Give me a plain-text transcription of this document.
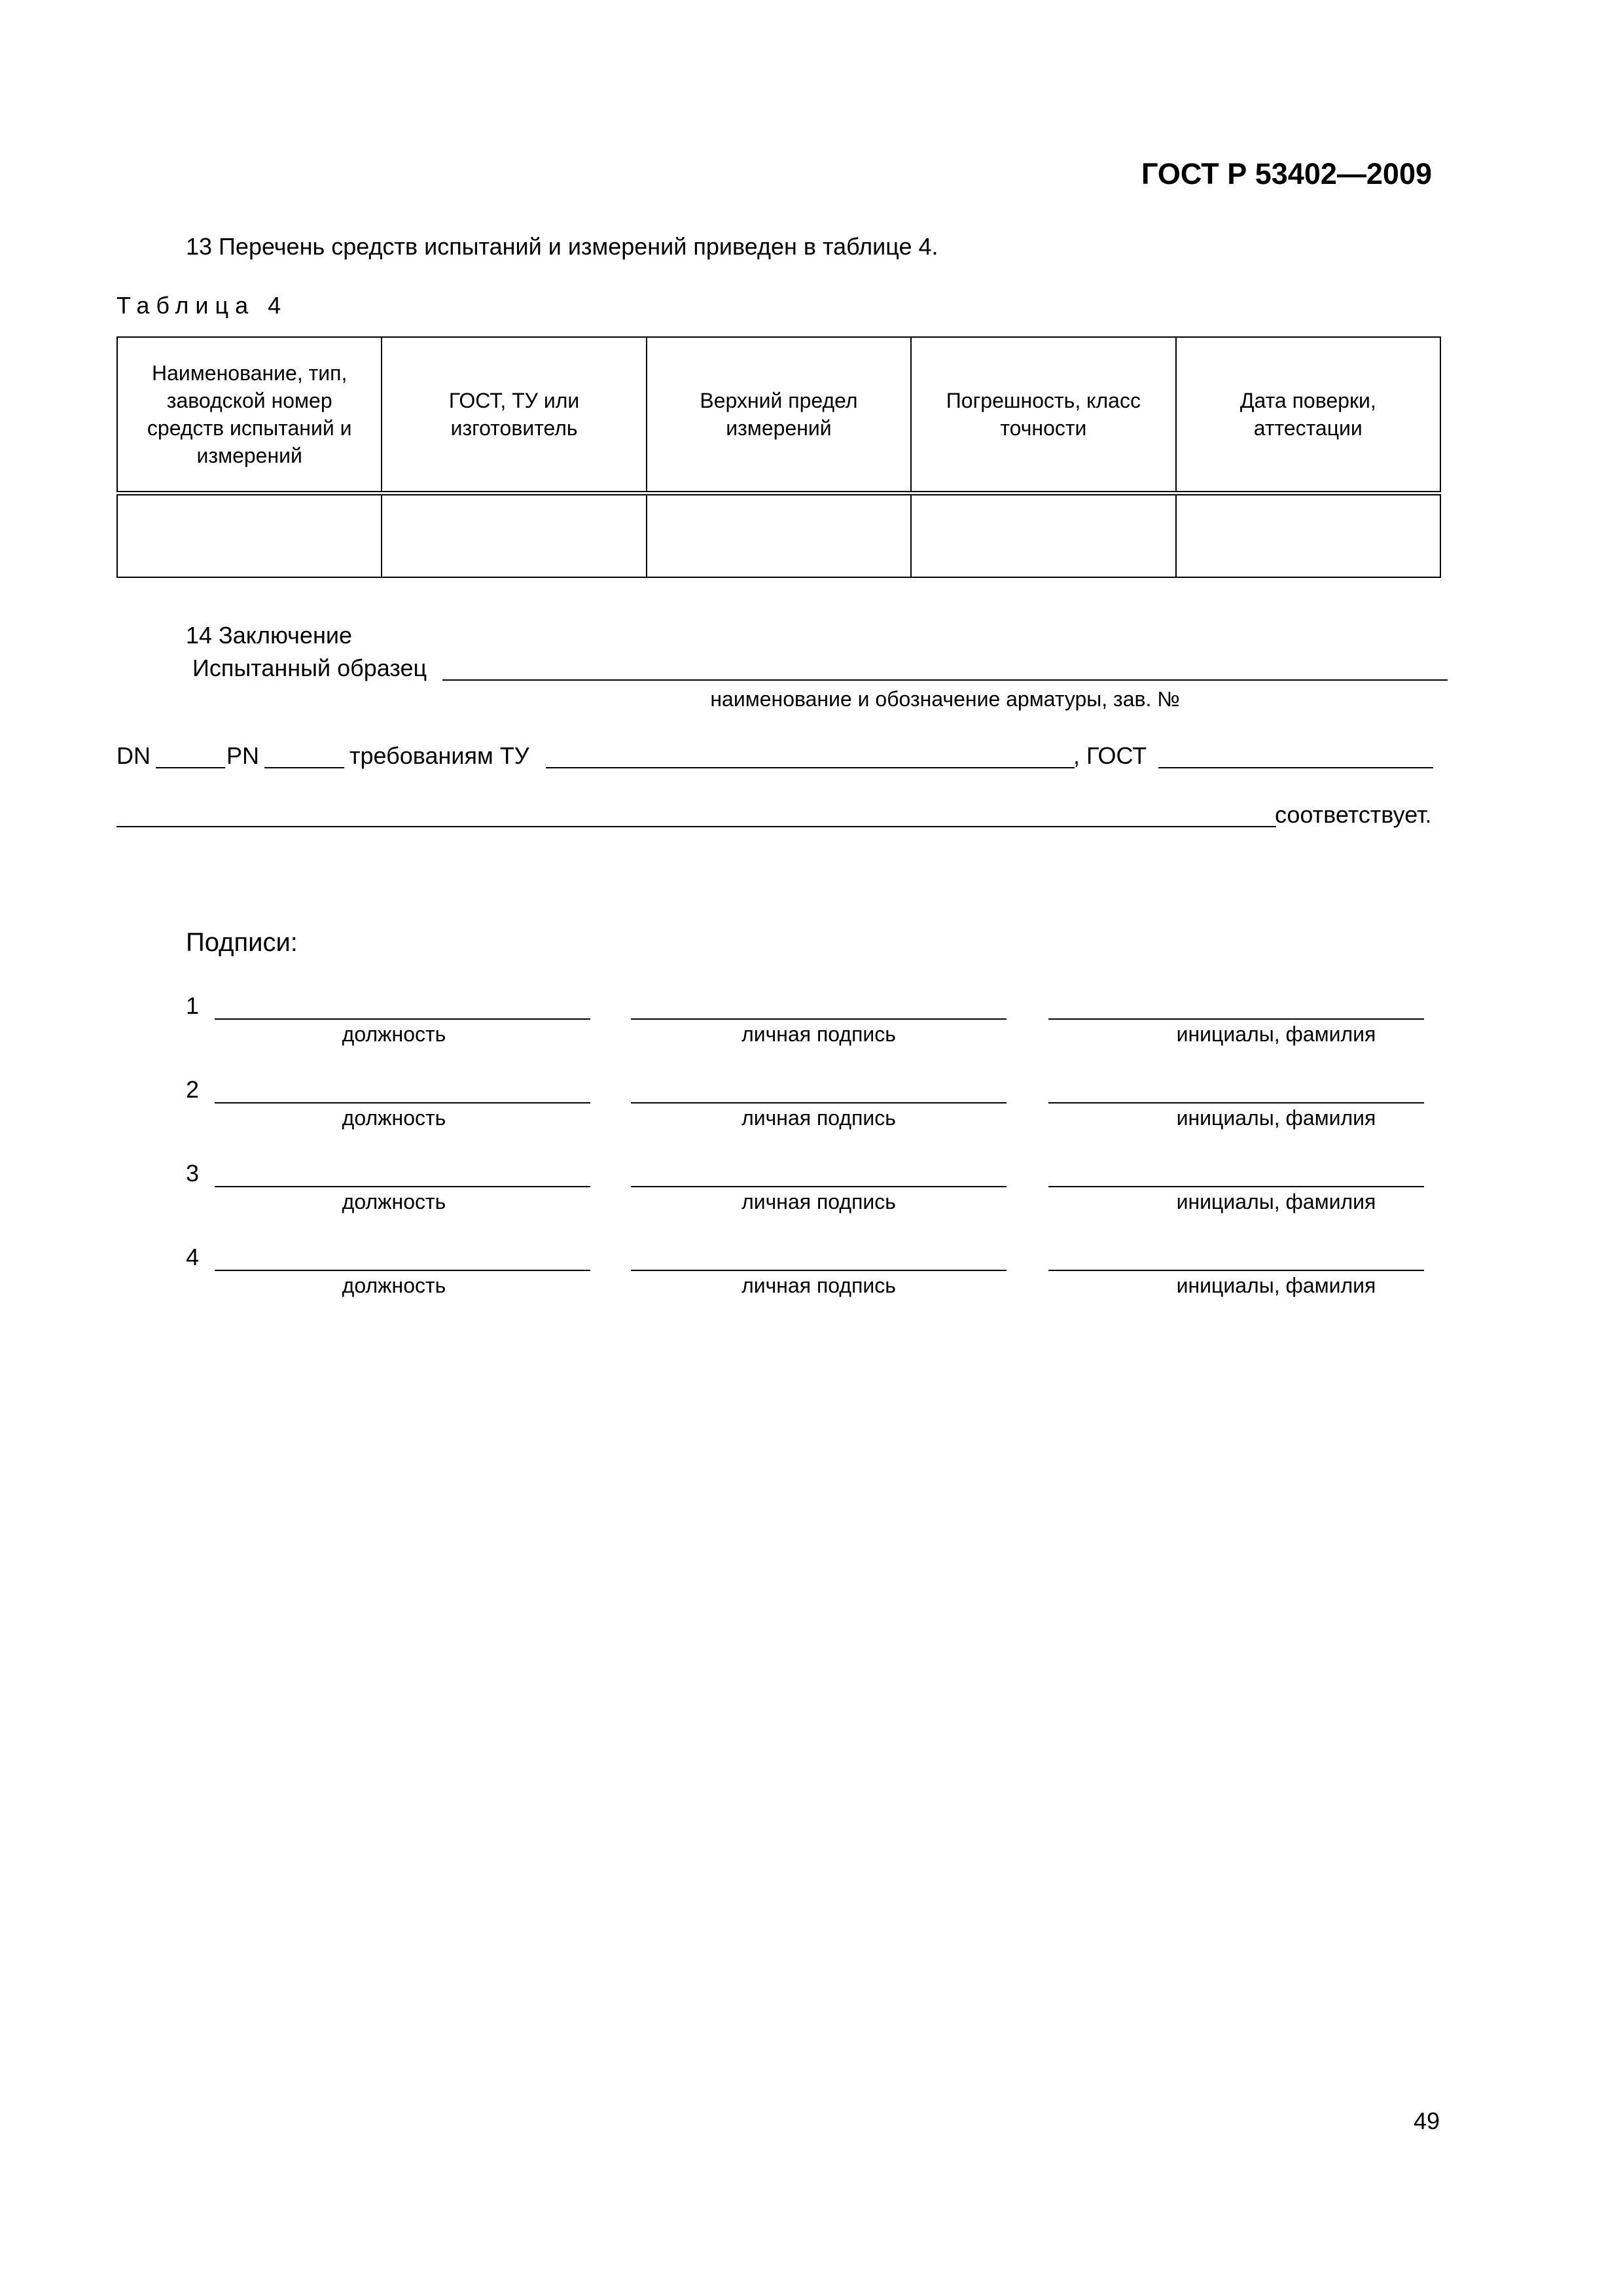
ГОСТ Р 53402—2009
13 Перечень средств испытаний и измерений приведен в таблице 4.
Таблица 4
Наименование, тип, заводской номер средств испытаний и измерений	ГОСТ, ТУ или изготовитель	Верхний предел измерений	Погрешность, класс точности	Дата поверки, аттестации

14 Заключение
Испытанный образец
наименование и обозначение арматуры, зав. №
DN	PN	требованиям ТУ	, ГОСТ
соответствует.
Подписи:
1
должность	личная подпись	инициалы, фамилия
2
должность	личная подпись	инициалы, фамилия
3
должность	личная подпись	инициалы, фамилия
4
должность	личная подпись	инициалы, фамилия
49
